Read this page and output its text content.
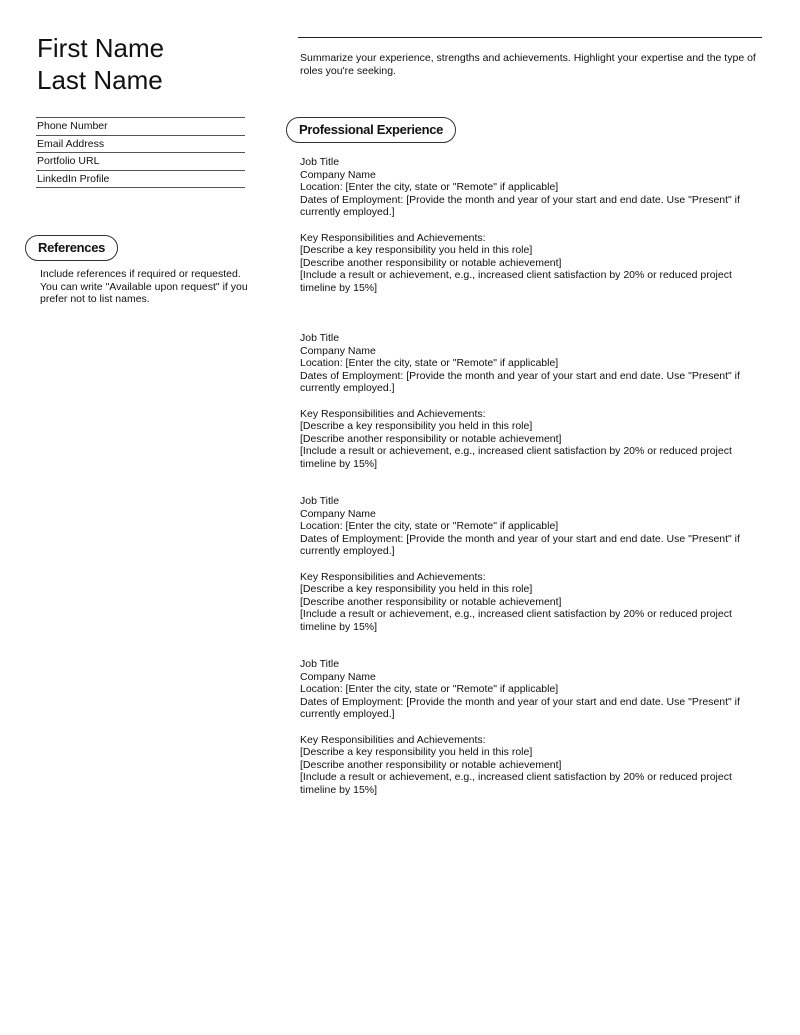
First Name
Last Name
Phone Number
Email Address
Portfolio URL
LinkedIn Profile
References
Include references if required or requested. You can write "Available upon request" if you prefer not to list names.
Summarize your experience, strengths and achievements. Highlight your expertise and the type of roles you're seeking.
Professional Experience

Job Title

Company Name

Location: [Enter the city, state or "Remote" if applicable]

Dates of Employment: [Provide the month and year of your start and end date. Use "Present" if currently employed.]

Key Responsibilities and Achievements:

[Describe a key responsibility you held in this role]

[Describe another responsibility or notable achievement]

[Include a result or achievement, e.g., increased client satisfaction by 20% or reduced project timeline by 15%]

Job Title

Company Name

Location: [Enter the city, state or "Remote" if applicable]

Dates of Employment: [Provide the month and year of your start and end date. Use "Present" if currently employed.]

Key Responsibilities and Achievements:

[Describe a key responsibility you held in this role]

[Describe another responsibility or notable achievement]

[Include a result or achievement, e.g., increased client satisfaction by 20% or reduced project timeline by 15%]

Job Title

Company Name

Location: [Enter the city, state or "Remote" if applicable]

Dates of Employment: [Provide the month and year of your start and end date. Use "Present" if currently employed.]

Key Responsibilities and Achievements:

[Describe a key responsibility you held in this role]

[Describe another responsibility or notable achievement]

[Include a result or achievement, e.g., increased client satisfaction by 20% or reduced project timeline by 15%]

Job Title

Company Name

Location: [Enter the city, state or "Remote" if applicable]

Dates of Employment: [Provide the month and year of your start and end date. Use "Present" if currently employed.]

Key Responsibilities and Achievements:

[Describe a key responsibility you held in this role]

[Describe another responsibility or notable achievement]

[Include a result or achievement, e.g., increased client satisfaction by 20% or reduced project timeline by 15%]
